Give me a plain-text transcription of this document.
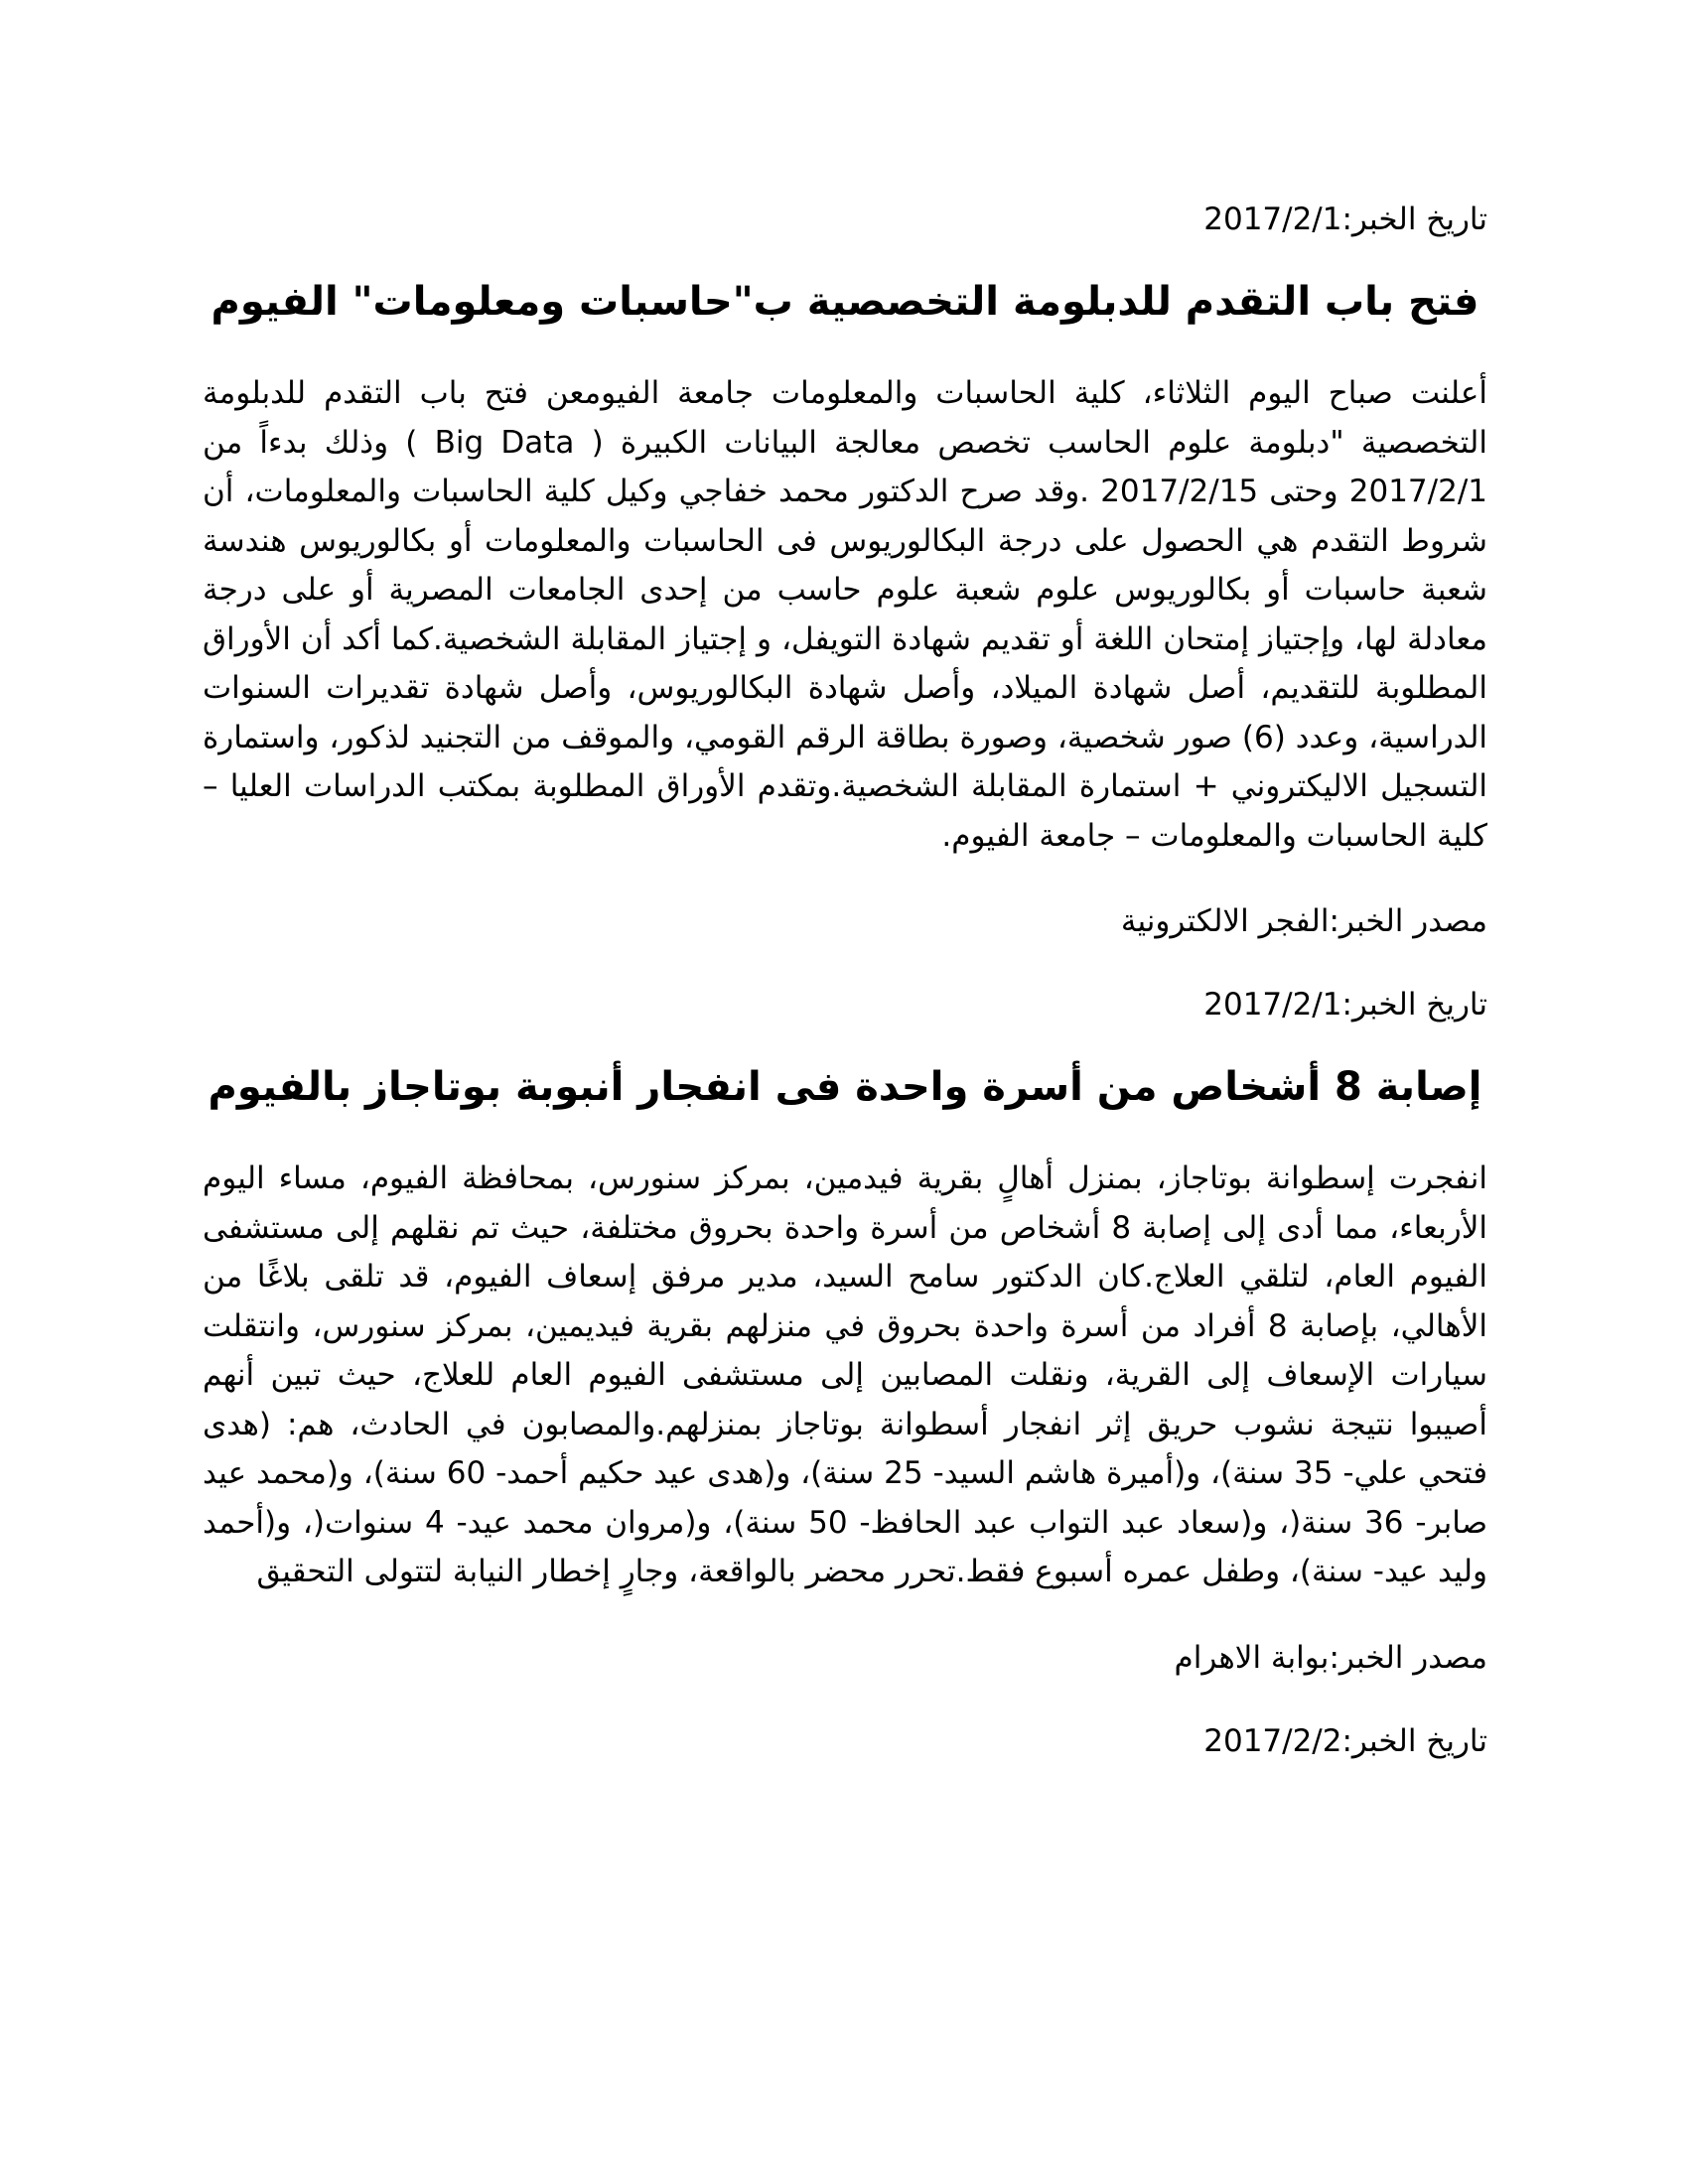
تاريخ الخبر:2017/2/1

فتح باب التقدم للدبلومة التخصصية ب"حاسبات ومعلومات" الفيوم

أعلنت صباح اليوم الثلاثاء، كلية الحاسبات والمعلومات جامعة الفيومعن فتح باب التقدم للدبلومة التخصصية "دبلومة علوم الحاسب تخصص معالجة البيانات الكبيرة ( Big Data ) وذلك بدءاً من 2017/2/1 وحتى 2017/2/15 .وقد صرح الدكتور محمد خفاجي وكيل كلية الحاسبات والمعلومات، أن شروط التقدم هي الحصول على درجة البكالوريوس فى الحاسبات والمعلومات أو بكالوريوس هندسة شعبة حاسبات أو بكالوريوس علوم شعبة علوم حاسب من إحدى الجامعات المصرية أو على درجة معادلة لها، وإجتياز إمتحان اللغة أو تقديم شهادة التويفل، و إجتياز المقابلة الشخصية.كما أكد أن الأوراق المطلوبة للتقديم، أصل شهادة الميلاد، وأصل شهادة البكالوريوس، وأصل شهادة تقديرات السنوات الدراسية، وعدد (6) صور شخصية، وصورة بطاقة الرقم القومي، والموقف من التجنيد لذكور، واستمارة التسجيل الاليكتروني + استمارة المقابلة الشخصية.وتقدم الأوراق المطلوبة بمكتب الدراسات العليا – كلية الحاسبات والمعلومات – جامعة الفيوم.

مصدر الخبر:الفجر الالكترونية

تاريخ الخبر:2017/2/1

إصابة 8 أشخاص من أسرة واحدة فى انفجار أنبوبة بوتاجاز بالفيوم

انفجرت إسطوانة بوتاجاز، بمنزل أهالٍ بقرية فيدمين، بمركز سنورس، بمحافظة الفيوم، مساء اليوم الأربعاء، مما أدى إلى إصابة 8 أشخاص من أسرة واحدة بحروق مختلفة، حيث تم نقلهم إلى مستشفى الفيوم العام، لتلقي العلاج.كان الدكتور سامح السيد، مدير مرفق إسعاف الفيوم، قد تلقى بلاغًا من الأهالي، بإصابة 8 أفراد من أسرة واحدة بحروق في منزلهم بقرية فيديمين، بمركز سنورس، وانتقلت سيارات الإسعاف إلى القرية، ونقلت المصابين إلى مستشفى الفيوم العام للعلاج، حيث تبين أنهم أصيبوا نتيجة نشوب حريق إثر انفجار أسطوانة بوتاجاز بمنزلهم.والمصابون في الحادث، هم: (هدى فتحي علي- 35 سنة)، و(أميرة هاشم السيد- 25 سنة)، و(هدى عيد حكيم أحمد- 60 سنة)، و(محمد عيد صابر- 36 سنة(، و(سعاد عبد التواب عبد الحافظ- 50 سنة)، و(مروان محمد عيد- 4 سنوات(، و(أحمد وليد عيد- سنة)، وطفل عمره أسبوع فقط.تحرر محضر بالواقعة، وجارٍ إخطار النيابة لتتولى التحقيق

مصدر الخبر:بوابة الاهرام

تاريخ الخبر:2017/2/2
